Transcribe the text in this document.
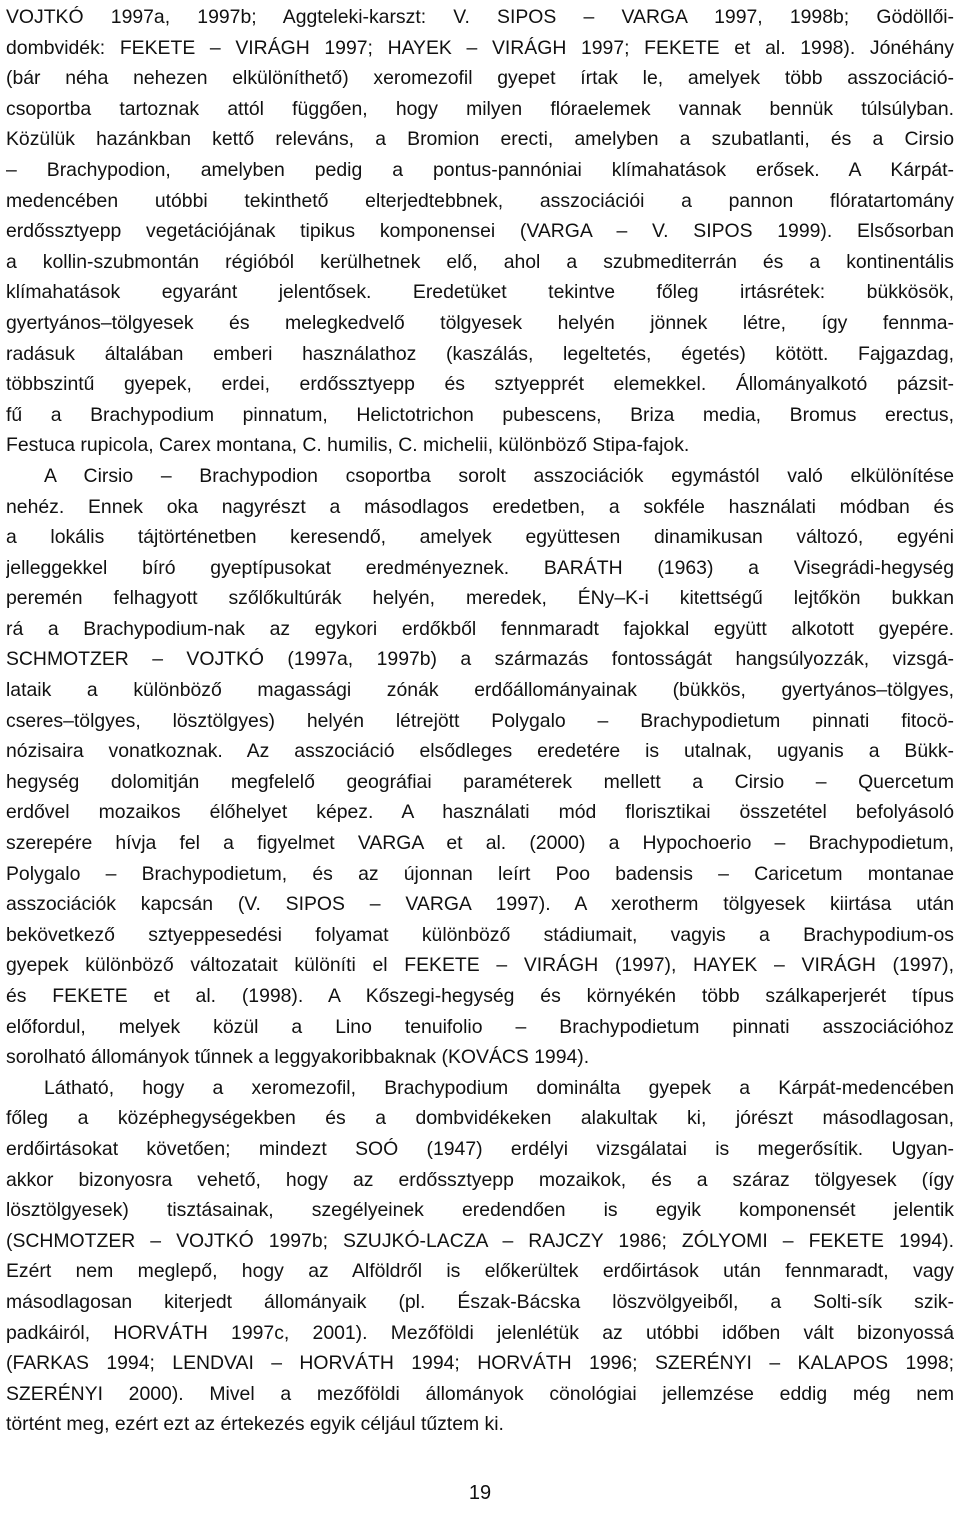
VOJTKÓ 1997a, 1997b; Aggteleki-karszt: V. SIPOS – VARGA 1997, 1998b; Gödöllői-
dombvidék: FEKETE – VIRÁGH 1997; HAYEK – VIRÁGH 1997; FEKETE et al. 1998). Jónéhány
(bár néha nehezen elkülöníthető) xeromezofil gyepet írtak le, amelyek több asszociáció-
csoportba tartoznak attól függően, hogy milyen flóraelemek vannak bennük túlsúlyban.
Közülük hazánkban kettő releváns, a Bromion erecti, amelyben a szubatlanti, és a Cirsio
– Brachypodion, amelyben pedig a pontus-pannóniai klímahatások erősek. A Kárpát-
medencében utóbbi tekinthető elterjedtebbnek, asszociációi a pannon flóratartomány
erdőssztyepp vegetációjának tipikus komponensei (VARGA – V. SIPOS 1999). Elsősorban
a kollin-szubmontán régióból kerülhetnek elő, ahol a szubmediterrán és a kontinentális
klímahatások egyaránt jelentősek. Eredetüket tekintve főleg irtásrétek: bükkösök,
gyertyános–tölgyesek és melegkedvelő tölgyesek helyén jönnek létre, így fennma-
radásuk általában emberi használathoz (kaszálás, legeltetés, égetés) kötött. Fajgazdag,
többszintű gyepek, erdei, erdőssztyepp és sztyepprét elemekkel. Állományalkotó pázsit-
fű a Brachypodium pinnatum, Helictotrichon pubescens, Briza media, Bromus erectus,
Festuca rupicola, Carex montana, C. humilis, C. michelii, különböző Stipa-fajok.
A Cirsio – Brachypodion csoportba sorolt asszociációk egymástól való elkülönítése
nehéz. Ennek oka nagyrészt a másodlagos eredetben, a sokféle használati módban és
a lokális tájtörténetben keresendő, amelyek együttesen dinamikusan változó, egyéni
jelleggekkel bíró gyeptípusokat eredményeznek. BARÁTH (1963) a Visegrádi-hegység
peremén felhagyott szőlőkultúrák helyén, meredek, ÉNy–K-i kitettségű lejtőkön bukkan
rá a Brachypodium-nak az egykori erdőkből fennmaradt fajokkal együtt alkotott gyepére.
SCHMOTZER – VOJTKÓ (1997a, 1997b) a származás fontosságát hangsúlyozzák, vizsgá-
lataik a különböző magassági zónák erdőállományainak (bükkös, gyertyános–tölgyes,
cseres–tölgyes, lösztölgyes) helyén létrejött Polygalo – Brachypodietum pinnati fitocö-
nózisaira vonatkoznak. Az asszociáció elsődleges eredetére is utalnak, ugyanis a Bükk-
hegység dolomitján megfelelő geográfiai paraméterek mellett a Cirsio – Quercetum
erdővel mozaikos élőhelyet képez. A használati mód florisztikai összetétel befolyásoló
szerepére hívja fel a figyelmet VARGA et al. (2000) a Hypochoerio – Brachypodietum,
Polygalo – Brachypodietum, és az újonnan leírt Poo badensis – Caricetum montanae
asszociációk kapcsán (V. SIPOS – VARGA 1997). A xerotherm tölgyesek kiirtása után
bekövetkező sztyeppesedési folyamat különböző stádiumait, vagyis a Brachypodium-os
gyepek különböző változatait különíti el FEKETE – VIRÁGH (1997), HAYEK – VIRÁGH (1997),
és FEKETE et al. (1998). A Kőszegi-hegység és környékén több szálkaperjerét típus
előfordul, melyek közül a Lino tenuifolio – Brachypodietum pinnati asszociációhoz
sorolható állományok tűnnek a leggyakoribbaknak (KOVÁCS 1994).
Látható, hogy a xeromezofil, Brachypodium dominálta gyepek a Kárpát-medencében
főleg a középhegységekben és a dombvidékeken alakultak ki, jórészt másodlagosan,
erdőirtásokat követően; mindezt SOÓ (1947) erdélyi vizsgálatai is megerősítik. Ugyan-
akkor bizonyosra vehető, hogy az erdőssztyepp mozaikok, és a száraz tölgyesek (így
lösztölgyesek) tisztásainak, szegélyeinek eredendően is egyik komponensét jelentik
(SCHMOTZER – VOJTKÓ 1997b; SZUJKÓ-LACZA – RAJCZY 1986; ZÓLYOMI – FEKETE 1994).
Ezért nem meglepő, hogy az Alföldről is előkerültek erdőirtások után fennmaradt, vagy
másodlagosan kiterjedt állományaik (pl. Észak-Bácska löszvölgyeiből, a Solti-sík szik-
padkáiról, HORVÁTH 1997c, 2001). Mezőföldi jelenlétük az utóbbi időben vált bizonyossá
(FARKAS 1994; LENDVAI – HORVÁTH 1994; HORVÁTH 1996; SZERÉNYI – KALAPOS 1998;
SZERÉNYI 2000). Mivel a mezőföldi állományok cönológiai jellemzése eddig még nem
történt meg, ezért ezt az értekezés egyik céljául tűztem ki.
19
